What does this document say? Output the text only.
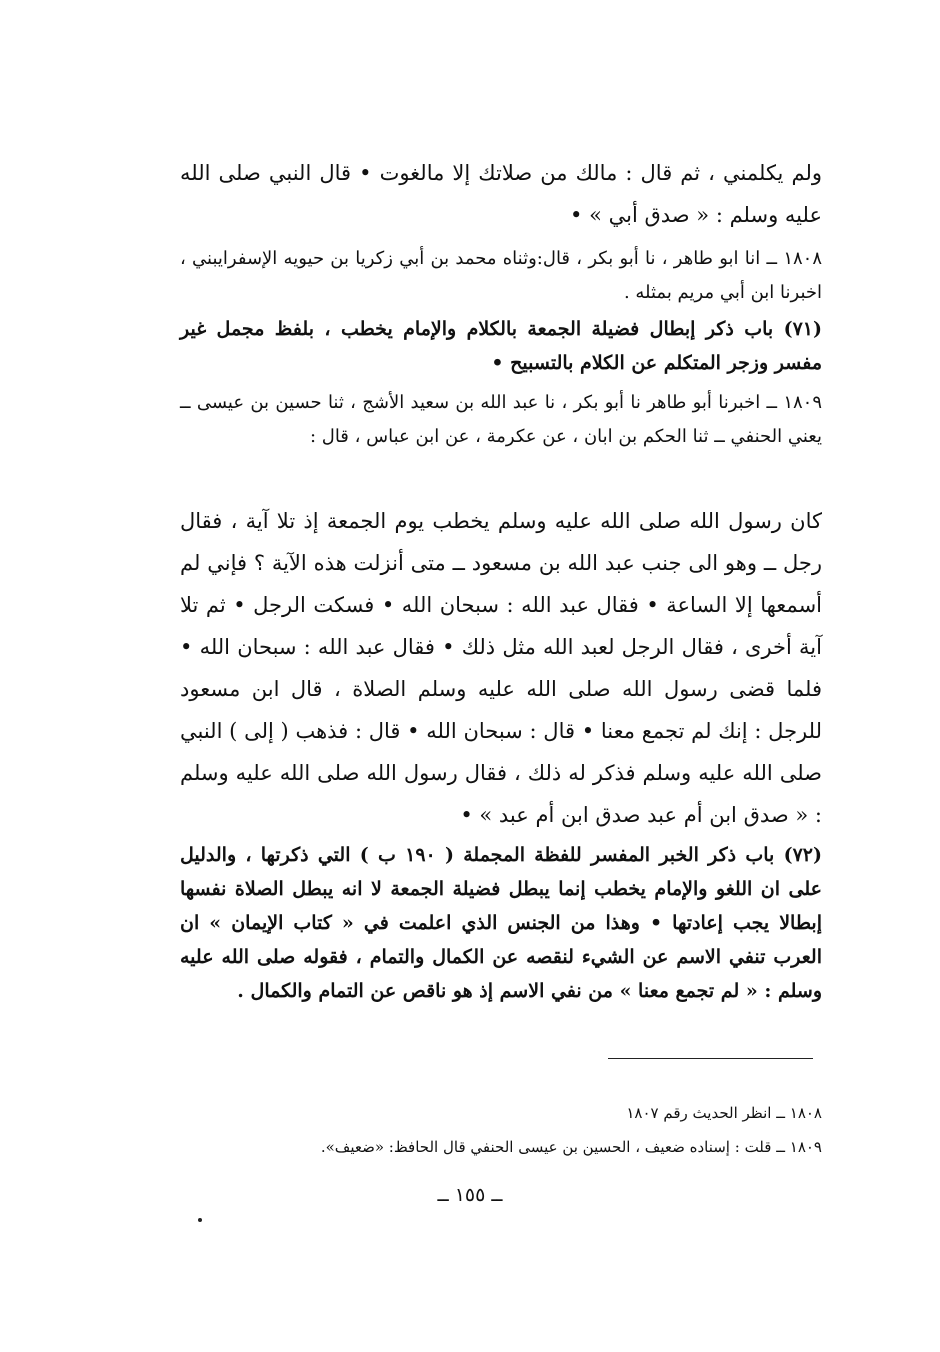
ولم يكلمني ، ثم قال : مالك من صلاتك إلا مالغوت • قال النبي صلى الله عليه وسلم : « صدق أبي » •

١٨٠٨ ــ انا ابو طاهر ، نا أبو بكر ، قال:وثناه محمد بن أبي زكريا بن حيويه الإسفرايبني ، اخبرنا ابن أبي مريم بمثله .

(٧١) باب ذكر إبطال فضيلة الجمعة بالكلام والإمام يخطب ، بلفظ مجمل غير مفسر وزجر المتكلم عن الكلام بالتسبيح •

١٨٠٩ ــ اخبرنا أبو طاهر نا أبو بكر ، نا عبد الله بن سعيد الأشج ، ثنا حسين بن عيسى ــ يعني الحنفي ــ ثنا الحكم بن ابان ، عن عكرمة ، عن ابن عباس ، قال :

كان رسول الله صلى الله عليه وسلم يخطب يوم الجمعة إذ تلا آية ، فقال رجل ــ وهو الى جنب عبد الله بن مسعود ــ متى أنزلت هذه الآية ؟ فإني لم أسمعها إلا الساعة • فقال عبد الله : سبحان الله • فسكت الرجل • ثم تلا آية أخرى ، فقال الرجل لعبد الله مثل ذلك • فقال عبد الله : سبحان الله • فلما قضى رسول الله صلى الله عليه وسلم الصلاة ، قال ابن مسعود للرجل : إنك لم تجمع معنا • قال : سبحان الله • قال : فذهب ( إلى ) النبي صلى الله عليه وسلم فذكر له ذلك ، فقال رسول الله صلى الله عليه وسلم : « صدق ابن أم عبد صدق ابن أم عبد » •

(٧٢) باب ذكر الخبر المفسر للفظة المجملة ( ١٩٠ ب ) التي ذكرتها ، والدليل على ان اللغو والإمام يخطب إنما يبطل فضيلة الجمعة لا انه يبطل الصلاة نفسها إبطالا يجب إعادتها • وهذا من الجنس الذي اعلمت في « كتاب الإيمان » ان العرب تنفي الاسم عن الشيء لنقصه عن الكمال والتمام ، فقوله صلى الله عليه وسلم : « لم تجمع معنا » من نفي الاسم إذ هو ناقص عن التمام والكمال .

١٨٠٨ ــ انظر الحديث رقم ١٨٠٧

١٨٠٩ ــ قلت : إسناده ضعيف ، الحسين بن عيسى الحنفي قال الحافظ: «ضعيف».

ــ ١٥٥ ــ
